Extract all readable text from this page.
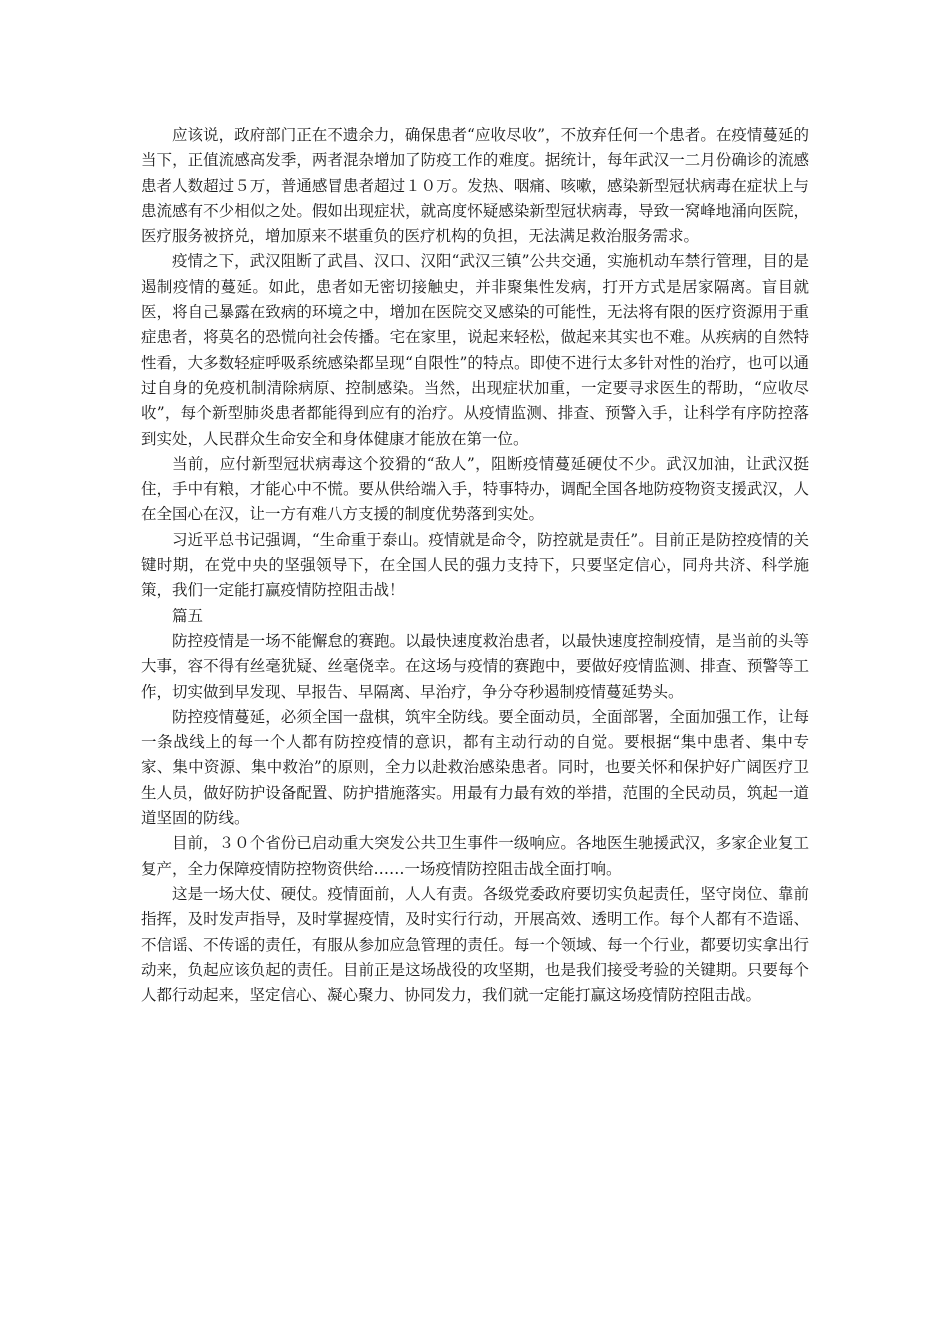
应该说，政府部门正在不遗余力，确保患者“应收尽收”，不放弃任何一个患者。在疫情蔓延的当下，正值流感高发季，两者混杂增加了防疫工作的难度。据统计，每年武汉一二月份确诊的流感患者人数超过５万，普通感冒患者超过１０万。发热、咽痛、咳嗽，感染新型冠状病毒在症状上与患流感有不少相似之处。假如出现症状，就高度怀疑感染新型冠状病毒，导致一窝峰地涌向医院，医疗服务被挤兑，增加原来不堪重负的医疗机构的负担，无法满足救治服务需求。

疫情之下，武汉阻断了武昌、汉口、汉阳“武汉三镇”公共交通，实施机动车禁行管理，目的是遏制疫情的蔓延。如此，患者如无密切接触史，并非聚集性发病，打开方式是居家隔离。盲目就医，将自己暴露在致病的环境之中，增加在医院交叉感染的可能性，无法将有限的医疗资源用于重症患者，将莫名的恐慌向社会传播。宅在家里，说起来轻松，做起来其实也不难。从疾病的自然特性看，大多数轻症呼吸系统感染都呈现“自限性”的特点。即使不进行太多针对性的治疗，也可以通过自身的免疫机制清除病原、控制感染。当然，出现症状加重，一定要寻求医生的帮助，“应收尽收”，每个新型肺炎患者都能得到应有的治疗。从疫情监测、排查、预警入手，让科学有序防控落到实处，人民群众生命安全和身体健康才能放在第一位。

当前，应付新型冠状病毒这个狡猾的“敌人”，阻断疫情蔓延硬仗不少。武汉加油，让武汉挺住，手中有粮，才能心中不慌。要从供给端入手，特事特办，调配全国各地防疫物资支援武汉，人在全国心在汉，让一方有难八方支援的制度优势落到实处。

习近平总书记强调，“生命重于泰山。疫情就是命令，防控就是责任”。目前正是防控疫情的关键时期，在党中央的坚强领导下，在全国人民的强力支持下，只要坚定信心，同舟共济、科学施策，我们一定能打赢疫情防控阻击战！

篇五

防控疫情是一场不能懈怠的赛跑。以最快速度救治患者，以最快速度控制疫情，是当前的头等大事，容不得有丝毫犹疑、丝毫侥幸。在这场与疫情的赛跑中，要做好疫情监测、排查、预警等工作，切实做到早发现、早报告、早隔离、早治疗，争分夺秒遏制疫情蔓延势头。

防控疫情蔓延，必须全国一盘棋，筑牢全防线。要全面动员，全面部署，全面加强工作，让每一条战线上的每一个人都有防控疫情的意识，都有主动行动的自觉。要根据“集中患者、集中专家、集中资源、集中救治”的原则，全力以赴救治感染患者。同时，也要关怀和保护好广阔医疗卫生人员，做好防护设备配置、防护措施落实。用最有力最有效的举措，范围的全民动员，筑起一道道坚固的防线。

目前，３０个省份已启动重大突发公共卫生事件一级响应。各地医生驰援武汉，多家企业复工复产，全力保障疫情防控物资供给……一场疫情防控阻击战全面打响。

这是一场大仗、硬仗。疫情面前，人人有责。各级党委政府要切实负起责任，坚守岗位、靠前指挥，及时发声指导，及时掌握疫情，及时实行行动，开展高效、透明工作。每个人都有不造谣、不信谣、不传谣的责任，有服从参加应急管理的责任。每一个领域、每一个行业，都要切实拿出行动来，负起应该负起的责任。目前正是这场战役的攻坚期，也是我们接受考验的关键期。只要每个人都行动起来，坚定信心、凝心聚力、协同发力，我们就一定能打赢这场疫情防控阻击战。
